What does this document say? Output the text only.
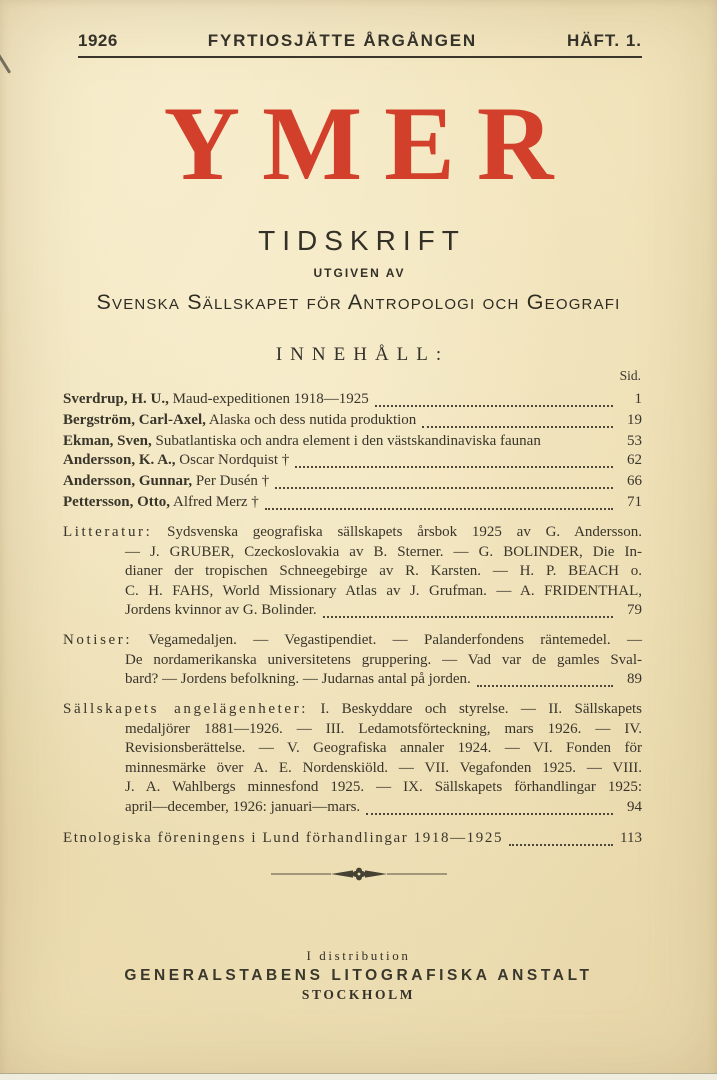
1926	FYRTIOSJÄTTE ÅRGÅNGEN	HÄFT. 1.
YMER
TIDSKRIFT
UTGIVEN AV
Svenska Sällskapet för Antropologi och Geografi
INNEHÅLL:
Sid.
Sverdrup, H. U., Maud-expeditionen 1918—1925	1
Bergström, Carl-Axel, Alaska och dess nutida produktion	19
Ekman, Sven, Subatlantiska och andra element i den västskandinaviska faunan	53
Andersson, K. A., Oscar Nordquist †	62
Andersson, Gunnar, Per Dusén †	66
Pettersson, Otto, Alfred Merz †	71
Litteratur: Sydsvenska geografiska sällskapets årsbok 1925 av G. Andersson.
— J. GRUBER, Czeckoslovakia av B. Sterner. — G. BOLINDER, Die In-
dianer der tropischen Schneegebirge av R. Karsten. — H. P. BEACH o.
C. H. FAHS, World Missionary Atlas av J. Grufman. — A. FRIDENTHAL,
Jordens kvinnor av G. Bolinder.	79
Notiser: Vegamedaljen. — Vegastipendiet. — Palanderfondens räntemedel. —
De nordamerikanska universitetens gruppering. — Vad var de gamles Sval-
bard? — Jordens befolkning. — Judarnas antal på jorden.	89
Sällskapets angelägenheter: I. Beskyddare och styrelse. — II. Sällskapets
medaljörer 1881—1926. — III. Ledamotsförteckning, mars 1926. — IV.
Revisionsberättelse. — V. Geografiska annaler 1924. — VI. Fonden för
minnesmärke över A. E. Nordenskiöld. — VII. Vegafonden 1925. — VIII.
J. A. Wahlbergs minnesfond 1925. — IX. Sällskapets förhandlingar 1925:
april—december, 1926: januari—mars.	94
Etnologiska föreningens i Lund förhandlingar 1918—1925	113
I distribution
GENERALSTABENS LITOGRAFISKA ANSTALT
STOCKHOLM
